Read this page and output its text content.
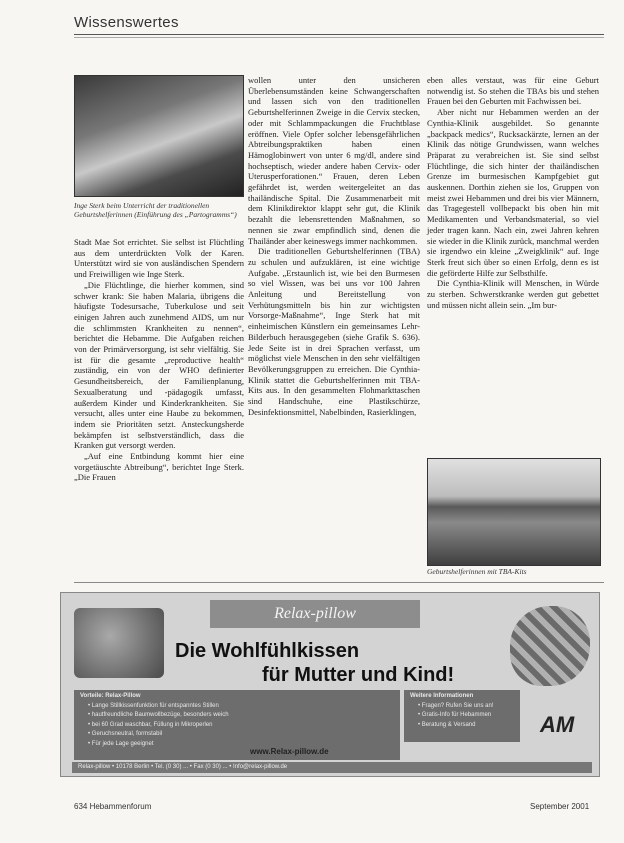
Wissenswertes
Inge Sterk beim Unterricht der traditionellen Geburtshelferinnen (Einführung des „Partogramms“)

Stadt Mae Sot errichtet. Sie selbst ist Flüchtling aus dem unterdrückten Volk der Karen. Unterstützt wird sie von ausländischen Spendern und Freiwilligen wie Inge Sterk.

„Die Flüchtlinge, die hierher kommen, sind schwer krank: Sie haben Malaria, übrigens die häufigste Todesursache, Tuberkulose und seit einigen Jahren auch zunehmend AIDS, um nur die schlimmsten Krankheiten zu nennen“, berichtet die Hebamme. Die Aufgaben reichen von der Primärversorgung, ist sehr vielfältig. Sie ist für die gesamte „reproductive health“ zuständig, ein von der WHO definierter Gesundheitsbereich, der Familienplanung, Sexualberatung und -pädagogik umfasst, außerdem Kinder und Kinderkrankheiten. Sie versucht, alles unter eine Haube zu bekommen, indem sie Prioritäten setzt. Ansteckungsherde bekämpfen ist selbstverständlich, dass die Kranken gut versorgt werden.

„Auf eine Entbindung kommt hier eine vorgetäuschte Abtreibung“, berichtet Inge Sterk. „Die Frauen

wollen unter den unsicheren Überlebensumständen keine Schwangerschaften und lassen sich von den traditionellen Geburtshelferinnen Zweige in die Cervix stecken, oder mit Schlammpackungen die Fruchtblase eröffnen. Viele Opfer solcher lebensgefährlichen Abtreibungspraktiken haben einen Hämoglobinwert von unter 6 mg/dl, andere sind hochseptisch, wieder andere haben Cervix- oder Uterusperforationen.“ Frauen, deren Leben gefährdet ist, werden weitergeleitet an das thailändische Spital. Die Zusammenarbeit mit dem Klinikdirektor klappt sehr gut, die Klinik bezahlt die lebensrettenden Maßnahmen, so nennen sie zwar empfindlich sind, denen die Thailänder aber keineswegs immer nachkommen.

Die traditionellen Geburtshelferinnen (TBA) zu schulen und aufzuklären, ist eine wichtige Aufgabe. „Erstaunlich ist, wie bei den Burmesen so viel Wissen, was bei uns vor 100 Jahren Anleitung und Bereitstellung von Verhütungsmitteln bis hin zur wichtigsten Vorsorge-Maßnahme“, Inge Sterk hat mit einheimischen Künstlern ein gemeinsames Lehr-Bilderbuch herausgegeben (siehe Grafik S. 636). Jede Seite ist in drei Sprachen verfasst, um möglichst viele Menschen in den sehr vielfältigen Bevölkerungsgruppen zu erreichen. Die Cynthia-Klinik stattet die Geburtshelferinnen mit TBA-Kits aus. In den gesammelten Flohmarkttaschen sind Handschuhe, eine Plastikschürze, Desinfektionsmittel, Nabelbinden, Rasierklingen,

eben alles verstaut, was für eine Geburt notwendig ist. So stehen die TBAs bis und stehen Frauen bei den Geburten mit Fachwissen bei.

Aber nicht nur Hebammen werden an der Cynthia-Klinik ausgebildet. So genannte „backpack medics“, Rucksackärzte, lernen an der Klinik das nötige Grundwissen, wann welches Präparat zu verabreichen ist. Sie sind selbst Flüchtlinge, die sich hinter der thailändischen Grenze im burmesischen Kampfgebiet gut auskennen. Dorthin ziehen sie los, Gruppen von meist zwei Hebammen und drei bis vier Männern, das Tragegestell vollbepackt bis oben hin mit Medikamenten und Verbandsmaterial, so viel jeder tragen kann. Nach ein, zwei Jahren kehren sie wieder in die Klinik zurück, manchmal werden sie irgendwo ein kleine „Zweigklinik“ auf. Inge Sterk freut sich über so einen Erfolg, denn es ist die geförderte Hilfe zur Selbsthilfe.

Die Cynthia-Klinik will Menschen, in Würde zu sterben. Schwerstkranke werden gut gebettet und müssen nicht allein sein. „Im bur-

Geburtshelferinnen mit TBA-Kits
Relax-pillow
Die Wohlfühlkissen
für Mutter und Kind!
Vorteile: Relax-Pillow
• Lange Stillkissenfunktion für entspanntes Stillen
• hautfreundliche Baumwollbezüge, besonders weich
• bei 60 Grad waschbar, Füllung in Mikroperlen
• Geruchsneutral, formstabil
• Für jede Lage geeignet
Weitere Informationen
• Fragen? Rufen Sie uns an!
• Gratis-Info für Hebammen
• Beratung & Versand	AM
www.Relax-pillow.de
Relax-pillow • 10178 Berlin • Tel. (0 30) ... • Fax (0 30) ... • Info@relax-pillow.de
634 Hebammenforum	September 2001
